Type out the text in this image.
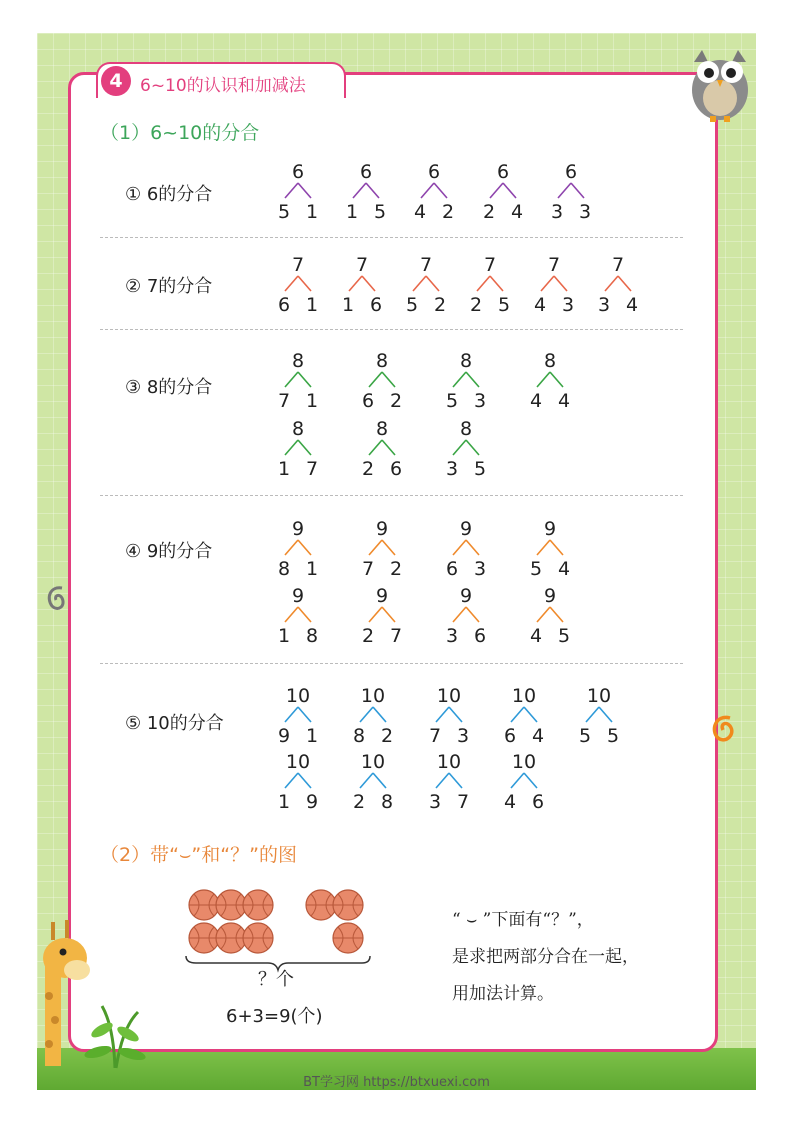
4	6~10的认识和加减法
（1）6~10的分合
① 6的分合
② 7的分合
③ 8的分合
④ 9的分合
⑤ 10的分合
6
5 1
6
1 5
6
4 2
6
2 4
6
3 3
7
6 1
7
1 6
7
5 2
7
2 5
7
4 3
7
3 4
8
7 1
8
6 2
8
5 3
8
4 4
8
1 7
8
2 6
8
3 5
9
8 1
9
7 2
9
6 3
9
5 4
9
1 8
9
2 7
9
3 6
9
4 5
10
9 1
10
8 2
10
7 3
10
6 4
10
5 5
10
1 9
10
2 8
10
3 7
10
4 6
（2）带“⌣”和“？”的图
？个
6+3=9(个)
“ ⌣ ”下面有“？”，
是求把两部分合在一起，
用加法计算。
BT学习网 https://btxuexi.com
